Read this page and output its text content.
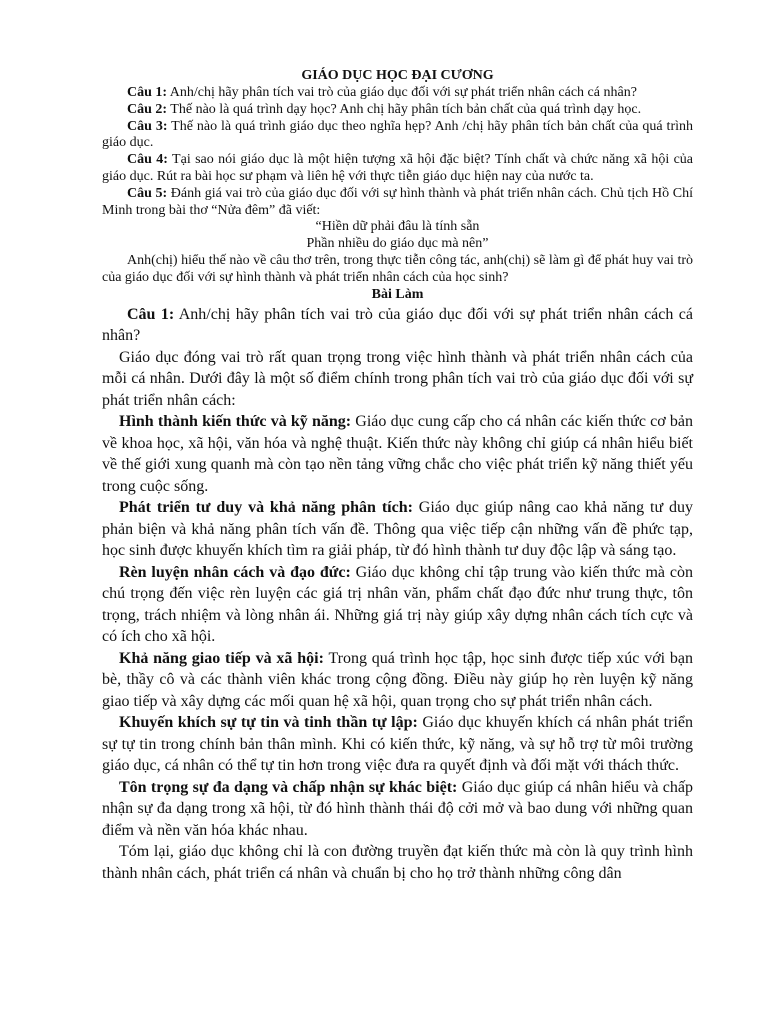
GIÁO DỤC HỌC ĐẠI CƯƠNG

Câu 1: Anh/chị hãy phân tích vai trò của giáo dục đối với sự phát triển nhân cách cá nhân?

Câu 2: Thế nào là quá trình dạy học? Anh chị hãy phân tích bản chất của quá trình dạy học.

Câu 3: Thế nào là quá trình giáo dục theo nghĩa hẹp? Anh /chị hãy phân tích bản chất của quá trình giáo dục.

Câu 4: Tại sao nói giáo dục là một hiện tượng xã hội đặc biệt? Tính chất và chức năng xã hội của giáo dục. Rút ra bài học sư phạm và liên hệ với thực tiễn giáo dục hiện nay của nước ta.

Câu 5: Đánh giá vai trò của giáo dục đối với sự hình thành và phát triển nhân cách. Chủ tịch Hồ Chí Minh trong bài thơ “Nửa đêm” đã viết:

“Hiền dữ phải đâu là tính sẵn

Phần nhiều do giáo dục mà nên”

Anh(chị) hiểu thế nào về câu thơ trên, trong thực tiễn công tác, anh(chị) sẽ làm gì để phát huy vai trò của giáo dục đối với sự hình thành và phát triển nhân cách của học sinh?

Bài Làm

Câu 1: Anh/chị hãy phân tích vai trò của giáo dục đối với sự phát triển nhân cách cá nhân?

Giáo dục đóng vai trò rất quan trọng trong việc hình thành và phát triển nhân cách của mỗi cá nhân. Dưới đây là một số điểm chính trong phân tích vai trò của giáo dục đối với sự phát triển nhân cách:

Hình thành kiến thức và kỹ năng: Giáo dục cung cấp cho cá nhân các kiến thức cơ bản về khoa học, xã hội, văn hóa và nghệ thuật. Kiến thức này không chỉ giúp cá nhân hiểu biết về thế giới xung quanh mà còn tạo nền tảng vững chắc cho việc phát triển kỹ năng thiết yếu trong cuộc sống.

Phát triển tư duy và khả năng phân tích: Giáo dục giúp nâng cao khả năng tư duy phản biện và khả năng phân tích vấn đề. Thông qua việc tiếp cận những vấn đề phức tạp, học sinh được khuyến khích tìm ra giải pháp, từ đó hình thành tư duy độc lập và sáng tạo.

Rèn luyện nhân cách và đạo đức: Giáo dục không chỉ tập trung vào kiến thức mà còn chú trọng đến việc rèn luyện các giá trị nhân văn, phẩm chất đạo đức như trung thực, tôn trọng, trách nhiệm và lòng nhân ái. Những giá trị này giúp xây dựng nhân cách tích cực và có ích cho xã hội.

Khả năng giao tiếp và xã hội: Trong quá trình học tập, học sinh được tiếp xúc với bạn bè, thầy cô và các thành viên khác trong cộng đồng. Điều này giúp họ rèn luyện kỹ năng giao tiếp và xây dựng các mối quan hệ xã hội, quan trọng cho sự phát triển nhân cách.

Khuyến khích sự tự tin và tinh thần tự lập: Giáo dục khuyến khích cá nhân phát triển sự tự tin trong chính bản thân mình. Khi có kiến thức, kỹ năng, và sự hỗ trợ từ môi trường giáo dục, cá nhân có thể tự tin hơn trong việc đưa ra quyết định và đối mặt với thách thức.

Tôn trọng sự đa dạng và chấp nhận sự khác biệt: Giáo dục giúp cá nhân hiểu và chấp nhận sự đa dạng trong xã hội, từ đó hình thành thái độ cởi mở và bao dung với những quan điểm và nền văn hóa khác nhau.

Tóm lại, giáo dục không chỉ là con đường truyền đạt kiến thức mà còn là quy trình hình thành nhân cách, phát triển cá nhân và chuẩn bị cho họ trở thành những công dân
